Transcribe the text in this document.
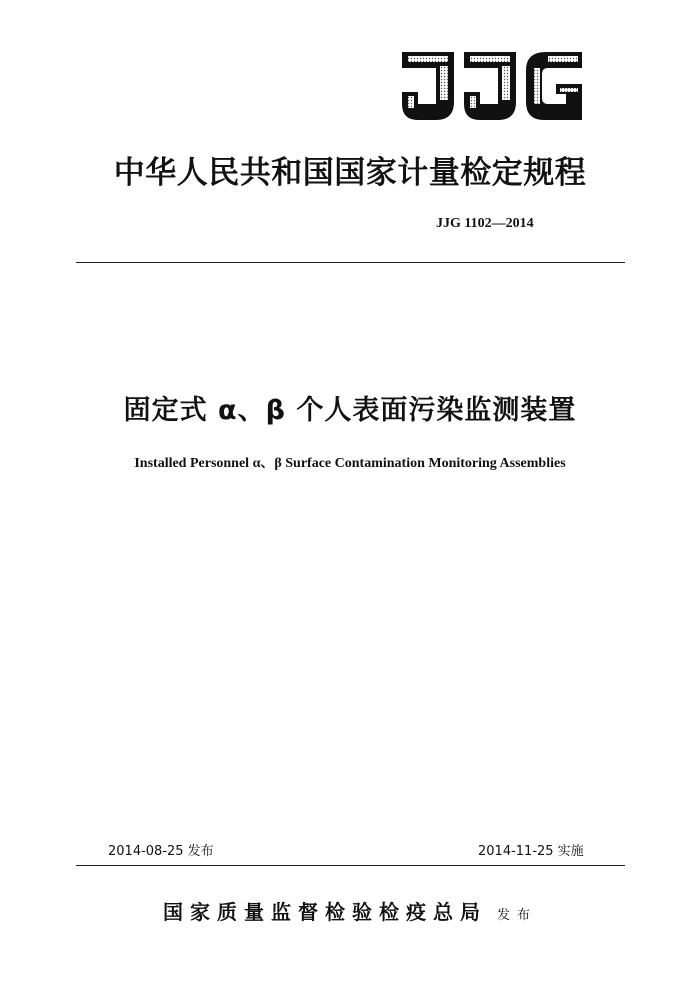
中华人民共和国国家计量检定规程

JJG 1102—2014

固定式 α、β 个人表面污染监测装置

Installed Personnel α、β Surface Contamination Monitoring Assemblies

2014-08-25 发布	2014-11-25 实施
国家质量监督检验检疫总局 发布
